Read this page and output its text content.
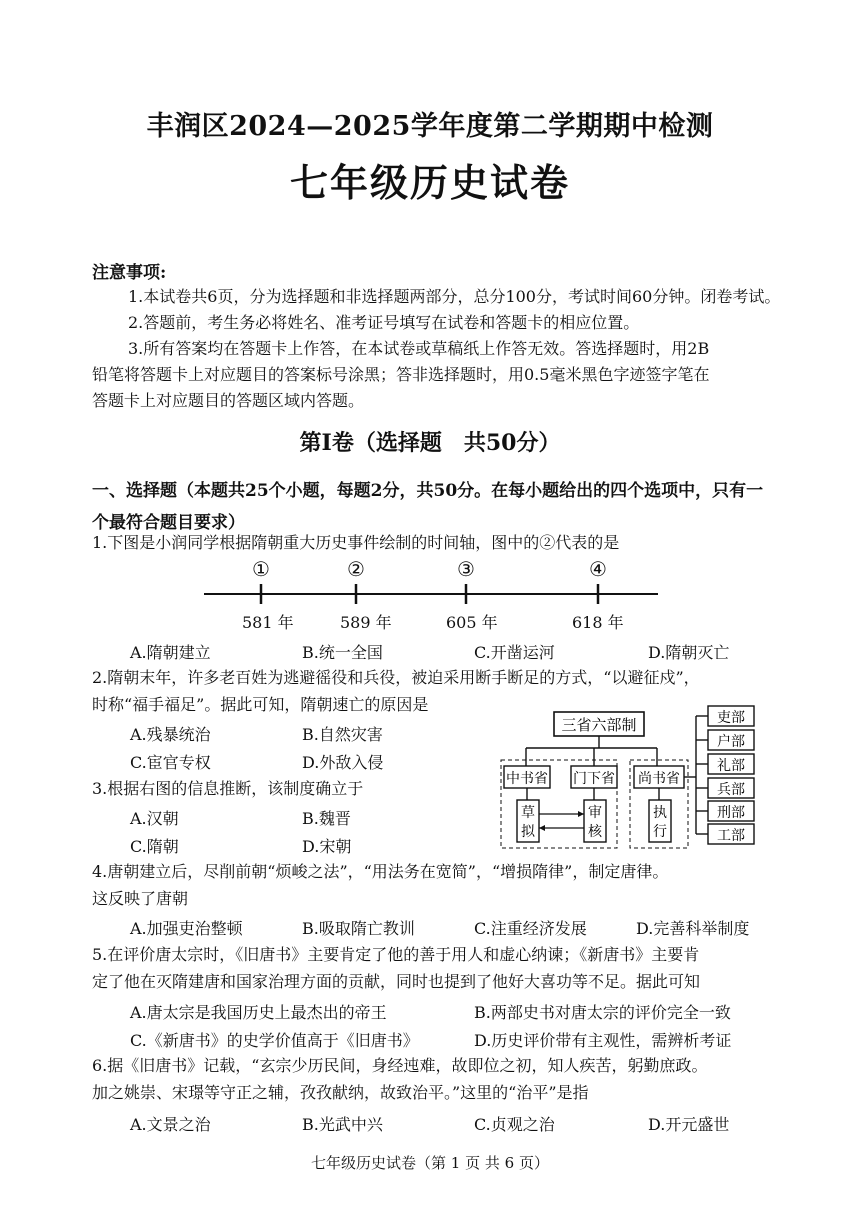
丰润区2024—2025学年度第二学期期中检测
七年级历史试卷
注意事项:
1.本试卷共6页，分为选择题和非选择题两部分，总分100分，考试时间60分钟。闭卷考试。
2.答题前，考生务必将姓名、准考证号填写在试卷和答题卡的相应位置。
3.所有答案均在答题卡上作答，在本试卷或草稿纸上作答无效。答选择题时，用2B
铅笔将答题卡上对应题目的答案标号涂黑；答非选择题时，用0.5毫米黑色字迹签字笔在
答题卡上对应题目的答题区域内答题。
第Ⅰ卷（选择题　共50分）
一、选择题（本题共25个小题，每题2分，共50分。在每小题给出的四个选项中，只有一
个最符合题目要求）
1.下图是小润同学根据隋朝重大历史事件绘制的时间轴，图中的②代表的是
①	②	③	④
581 年	589 年	605 年	618 年
A.隋朝建立	B.统一全国	C.开凿运河	D.隋朝灭亡
2.隋朝末年，许多老百姓为逃避徭役和兵役，被迫采用断手断足的方式，“以避征戍”，
时称“福手福足”。据此可知，隋朝速亡的原因是
A.残暴统治	B.自然灾害
C.宦官专权	D.外敌入侵
3.根据右图的信息推断，该制度确立于
A.汉朝	B.魏晋
C.隋朝	D.宋朝
三省六部制
中书省 门下省 尚书省
草
拟
审
核
执
行
吏部
户部
礼部
兵部
刑部
工部
4.唐朝建立后，尽削前朝“烦峻之法”，“用法务在宽简”，“增损隋律”，制定唐律。
这反映了唐朝
A.加强吏治整顿	B.吸取隋亡教训	C.注重经济发展	D.完善科举制度
5.在评价唐太宗时，《旧唐书》主要肯定了他的善于用人和虚心纳谏；《新唐书》主要肯
定了他在灭隋建唐和国家治理方面的贡献，同时也提到了他好大喜功等不足。据此可知
A.唐太宗是我国历史上最杰出的帝王	B.两部史书对唐太宗的评价完全一致
C.《新唐书》的史学价值高于《旧唐书》	D.历史评价带有主观性，需辨析考证
6.据《旧唐书》记载，“玄宗少历民间，身经迍难，故即位之初，知人疾苦，躬勤庶政。
加之姚崇、宋璟等守正之辅，孜孜献纳，故致治平。”这里的“治平”是指
A.文景之治	B.光武中兴	C.贞观之治	D.开元盛世
七年级历史试卷（第 1 页 共 6 页）
